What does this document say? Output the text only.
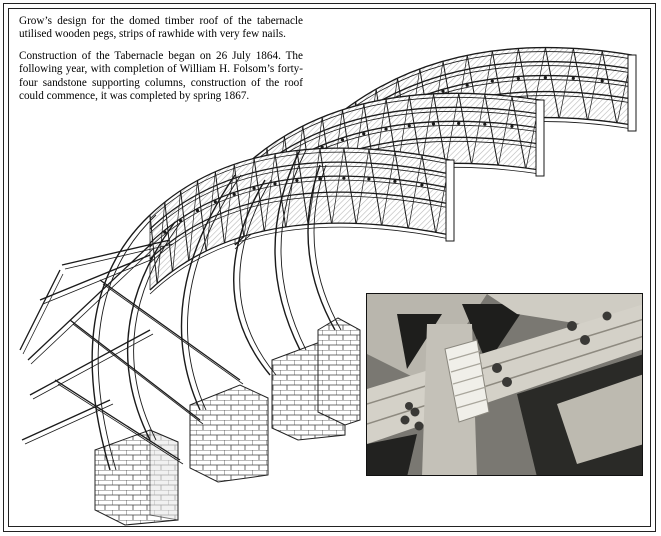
Grow’s design for the domed timber roof of the tabernacle utilised wooden pegs, strips of rawhide with very few nails.

Construction of the Tabernacle began on 26 July 1864. The following year, with completion of William H. Folsom’s forty-four sandstone supporting columns, construction of the roof could commence, it was completed by spring 1867.
